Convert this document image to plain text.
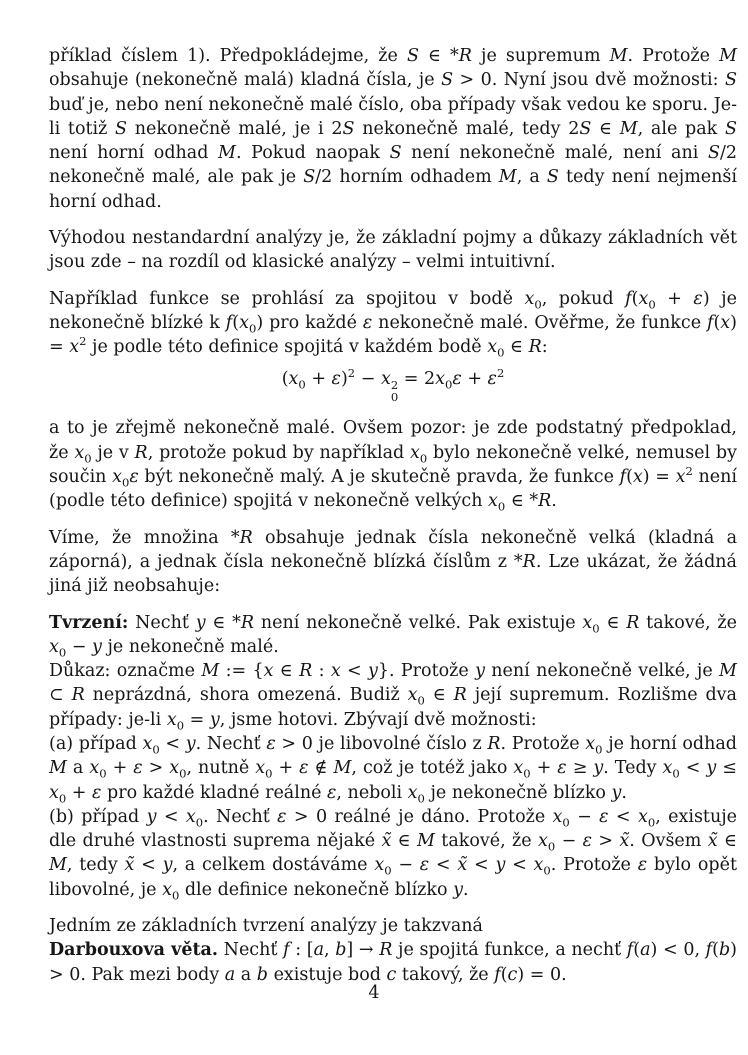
příklad číslem 1). Předpokládejme, že S ∈ *R je supremum M. Protože M obsahuje (nekonečně malá) kladná čísla, je S > 0. Nyní jsou dvě možnosti: S buď je, nebo není nekonečně malé číslo, oba případy však vedou ke sporu. Je-li totiž S nekonečně malé, je i 2S nekonečně malé, tedy 2S ∈ M, ale pak S není horní odhad M. Pokud naopak S není nekonečně malé, není ani S/2 nekonečně malé, ale pak je S/2 horním odhadem M, a S tedy není nejmenší horní odhad.

Výhodou nestandardní analýzy je, že základní pojmy a důkazy základních vět jsou zde – na rozdíl od klasické analýzy – velmi intuitivní.

Například funkce se prohlásí za spojitou v bodě $x_0$, pokud $f(x_0 + \varepsilon)$ je nekonečně blízké k $f(x_0)$ pro každé ε nekonečně malé. Ověřme, že funkce $f(x) = x^2$ je podle této definice spojitá v každém bodě $x_0$ ∈ R:

$(x_0 + \varepsilon)^2 - x$ 2
0
= $2x_0\varepsilon + \varepsilon^2$

a to je zřejmě nekonečně malé. Ovšem pozor: je zde podstatný předpoklad, že $x_0$ je v R, protože pokud by například $x_0$ bylo nekonečně velké, nemusel by součin $x_0\varepsilon$ být nekonečně malý. A je skutečně pravda, že funkce $f(x) = x^2$ není (podle této definice) spojitá v nekonečně velkých $x_0$ ∈ *R.

Víme, že množina *R obsahuje jednak čísla nekonečně velká (kladná a záporná), a jednak čísla nekonečně blízká číslům z *R. Lze ukázat, že žádná jiná již neobsahuje:

Tvrzení: Nechť y ∈ *R není nekonečně velké. Pak existuje $x_0$ ∈ R takové, že $x_0 - y$ je nekonečně malé.

Důkaz: označme M := {x ∈ R : x < y}. Protože y není nekonečně velké, je M ⊂ R neprázdná, shora omezená. Budiž $x_0$ ∈ R její supremum. Rozlišme dva případy: je-li $x_0 = y$, jsme hotovi. Zbývají dvě možnosti:

(a) případ $x_0 < y$. Nechť ε > 0 je libovolné číslo z R. Protože $x_0$ je horní odhad M a $x_0 + \varepsilon > x_0$, nutně $x_0 + \varepsilon$ ∉ M, což je totéž jako $x_0 + \varepsilon \ge y$. Tedy $x_0 < y \le x_0 + \varepsilon$ pro každé kladné reálné ε, neboli $x_0$ je nekonečně blízko y.

(b) případ $y < x_0$. Nechť ε > 0 reálné je dáno. Protože $x_0 - \varepsilon < x_0$, existuje dle druhé vlastnosti suprema nějaké x̃ ∈ M takové, že $x_0 - \varepsilon$ > x̃. Ovšem x̃ ∈ M, tedy x̃ < y, a celkem dostáváme $x_0 - \varepsilon$ < x̃ < $y < x_0$. Protože ε bylo opět libovolné, je $x_0$ dle definice nekonečně blízko y.

Jedním ze základních tvrzení analýzy je takzvaná

Darbouxova věta. Nechť f : [a, b] → R je spojitá funkce, a nechť f(a) < 0, f(b) > 0. Pak mezi body a a b existuje bod c takový, že f(c) = 0.

4
